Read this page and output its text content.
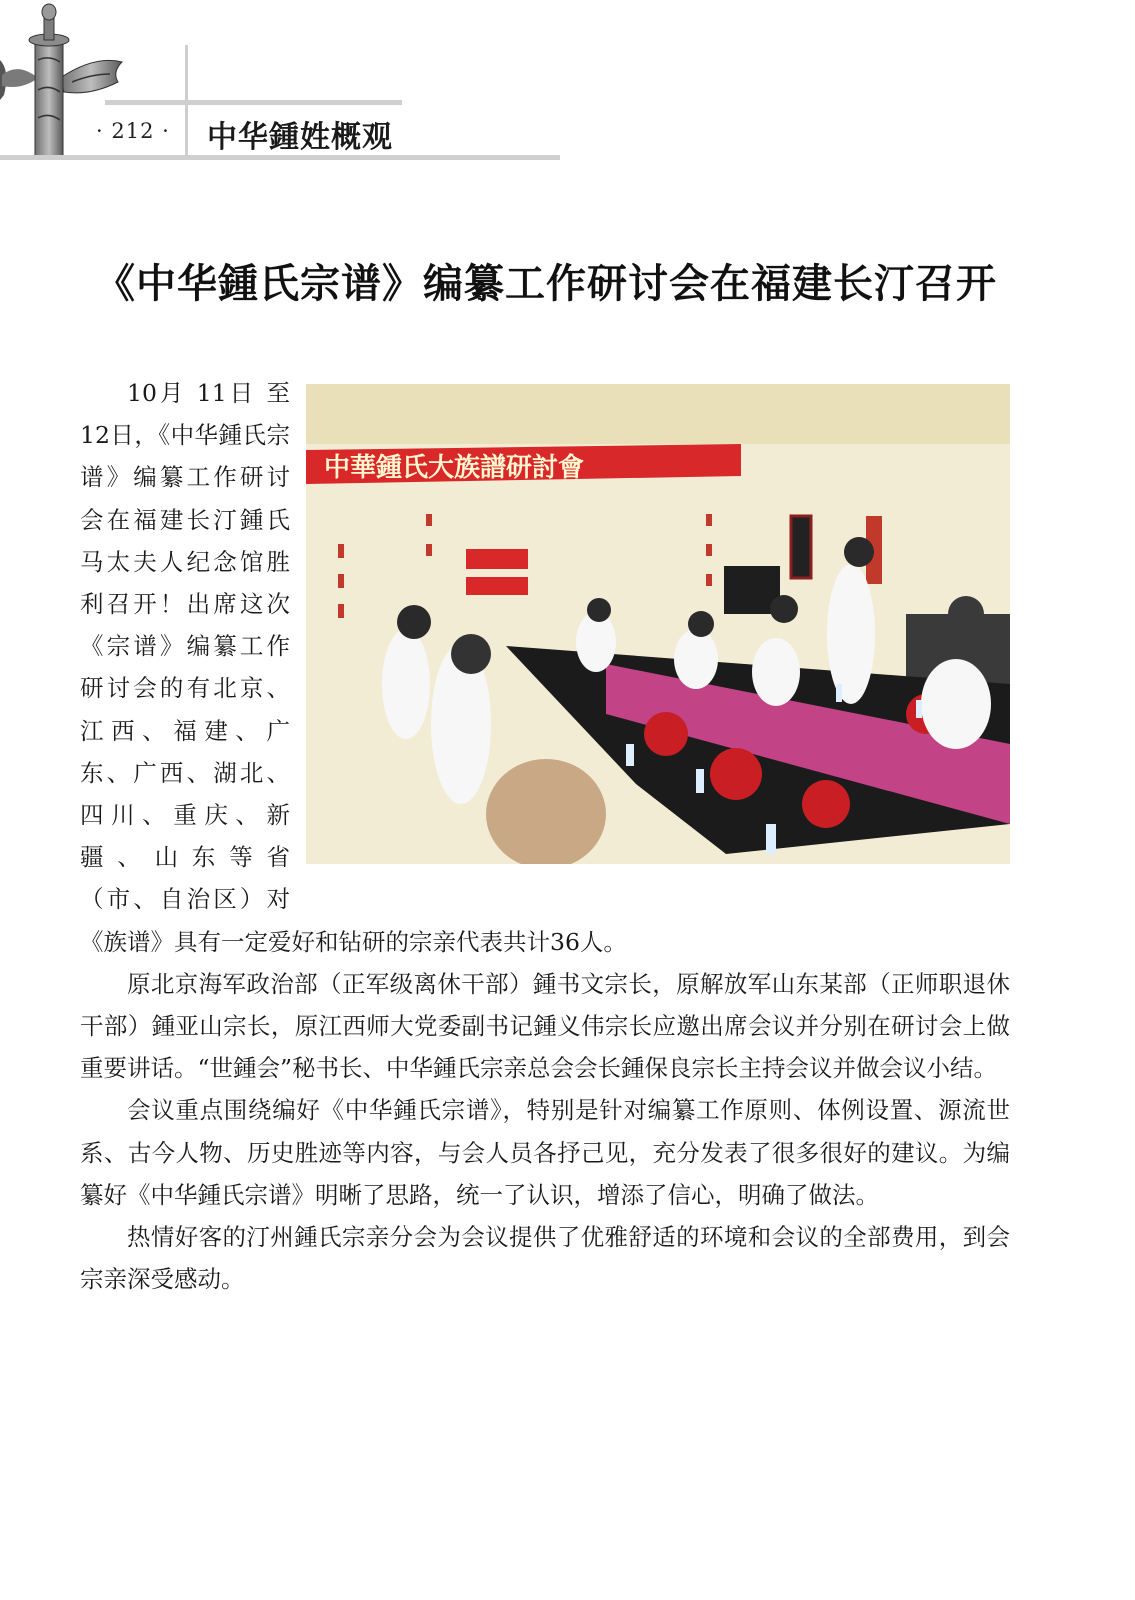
· 212 · 中华鍾姓概观
《中华鍾氏宗谱》编纂工作研讨会在福建长汀召开
中華鍾氏大族譜研討會

10月 11日 至 12日，《中华鍾氏宗谱》编纂工作研讨会在福建长汀鍾氏马太夫人纪念馆胜利召开！出席这次《宗谱》编纂工作研讨会的有北京、江西、福建、广东、广西、湖北、四川、重庆、新疆、山东等省（市、自治区）对《族谱》具有一定爱好和钻研的宗亲代表共计36人。

原北京海军政治部（正军级离休干部）鍾书文宗长，原解放军山东某部（正师职退休干部）鍾亚山宗长，原江西师大党委副书记鍾义伟宗长应邀出席会议并分别在研讨会上做重要讲话。“世鍾会”秘书长、中华鍾氏宗亲总会会长鍾保良宗长主持会议并做会议小结。

会议重点围绕编好《中华鍾氏宗谱》，特别是针对编纂工作原则、体例设置、源流世系、古今人物、历史胜迹等内容，与会人员各抒己见，充分发表了很多很好的建议。为编纂好《中华鍾氏宗谱》明晰了思路，统一了认识，增添了信心，明确了做法。

热情好客的汀州鍾氏宗亲分会为会议提供了优雅舒适的环境和会议的全部费用，到会宗亲深受感动。
